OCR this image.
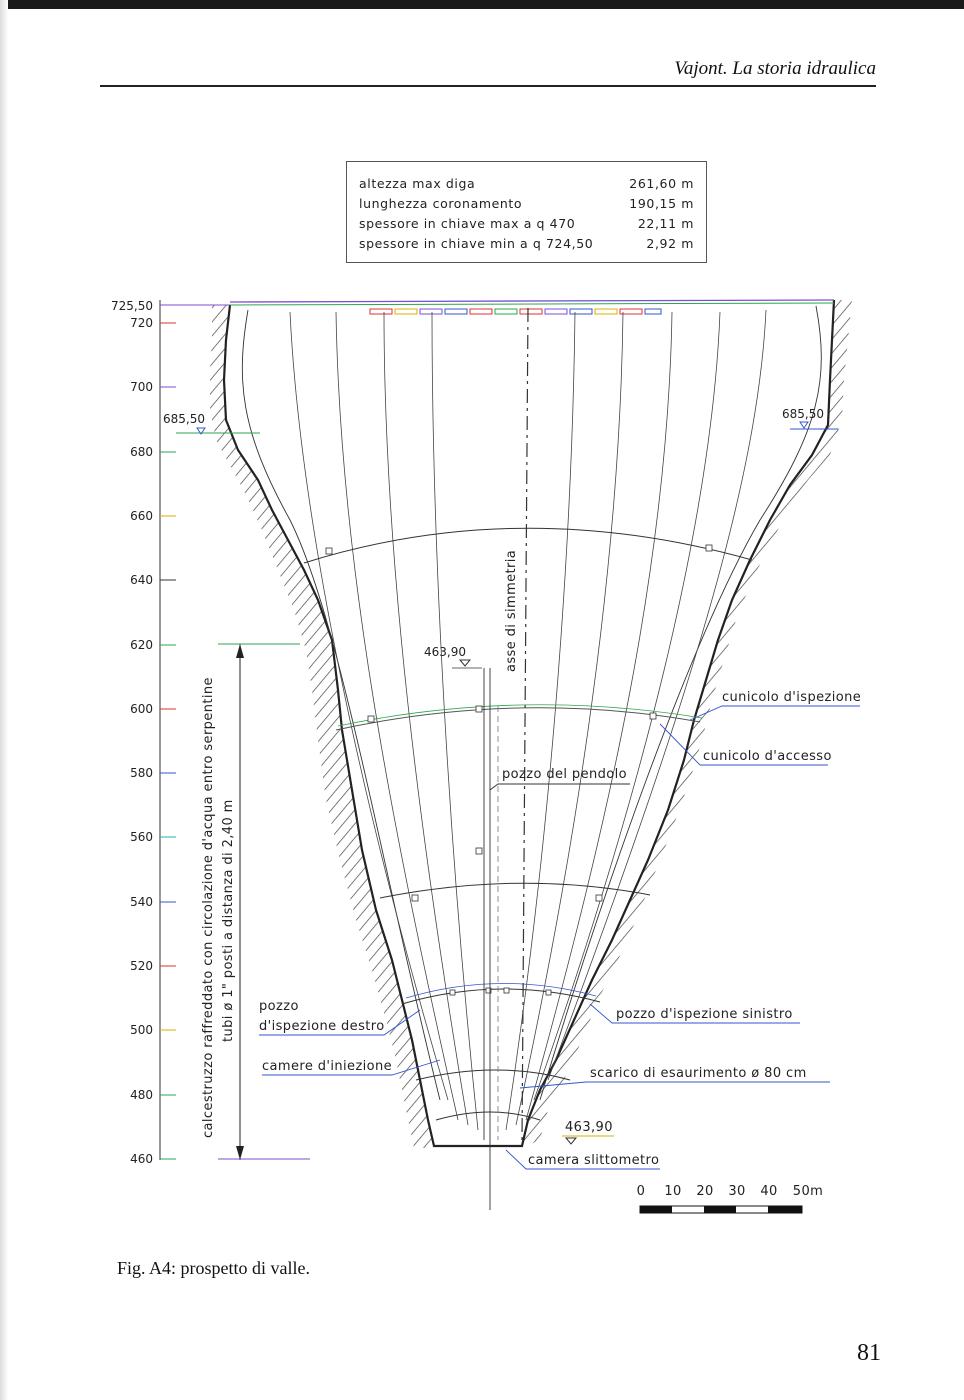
Vajont. La storia idraulica
altezza max diga	261,60 m
lunghezza coronamento	190,15 m
spessore in chiave max a q 470	22,11 m
spessore in chiave min a q 724,50	2,92 m
725,50
720
700
680
660
640
620
600
580
560
540
520
500
480
460
685,50	685,50
463,90	asse di simmetria
calcestruzzo raffreddato con circolazione d'acqua entro serpentine tubi ø 1" posti a distanza di 2,40 m
cunicolo d'ispezione
cunicolo d'accesso
pozzo del pendolo
pozzo
d'ispezione destro
pozzo d'ispezione sinistro
camere d'iniezione	scarico di esaurimento ø 80 cm
463,90
camera slittometro
0 10 20 30 40 50m
Fig. A4: prospetto di valle.
81
